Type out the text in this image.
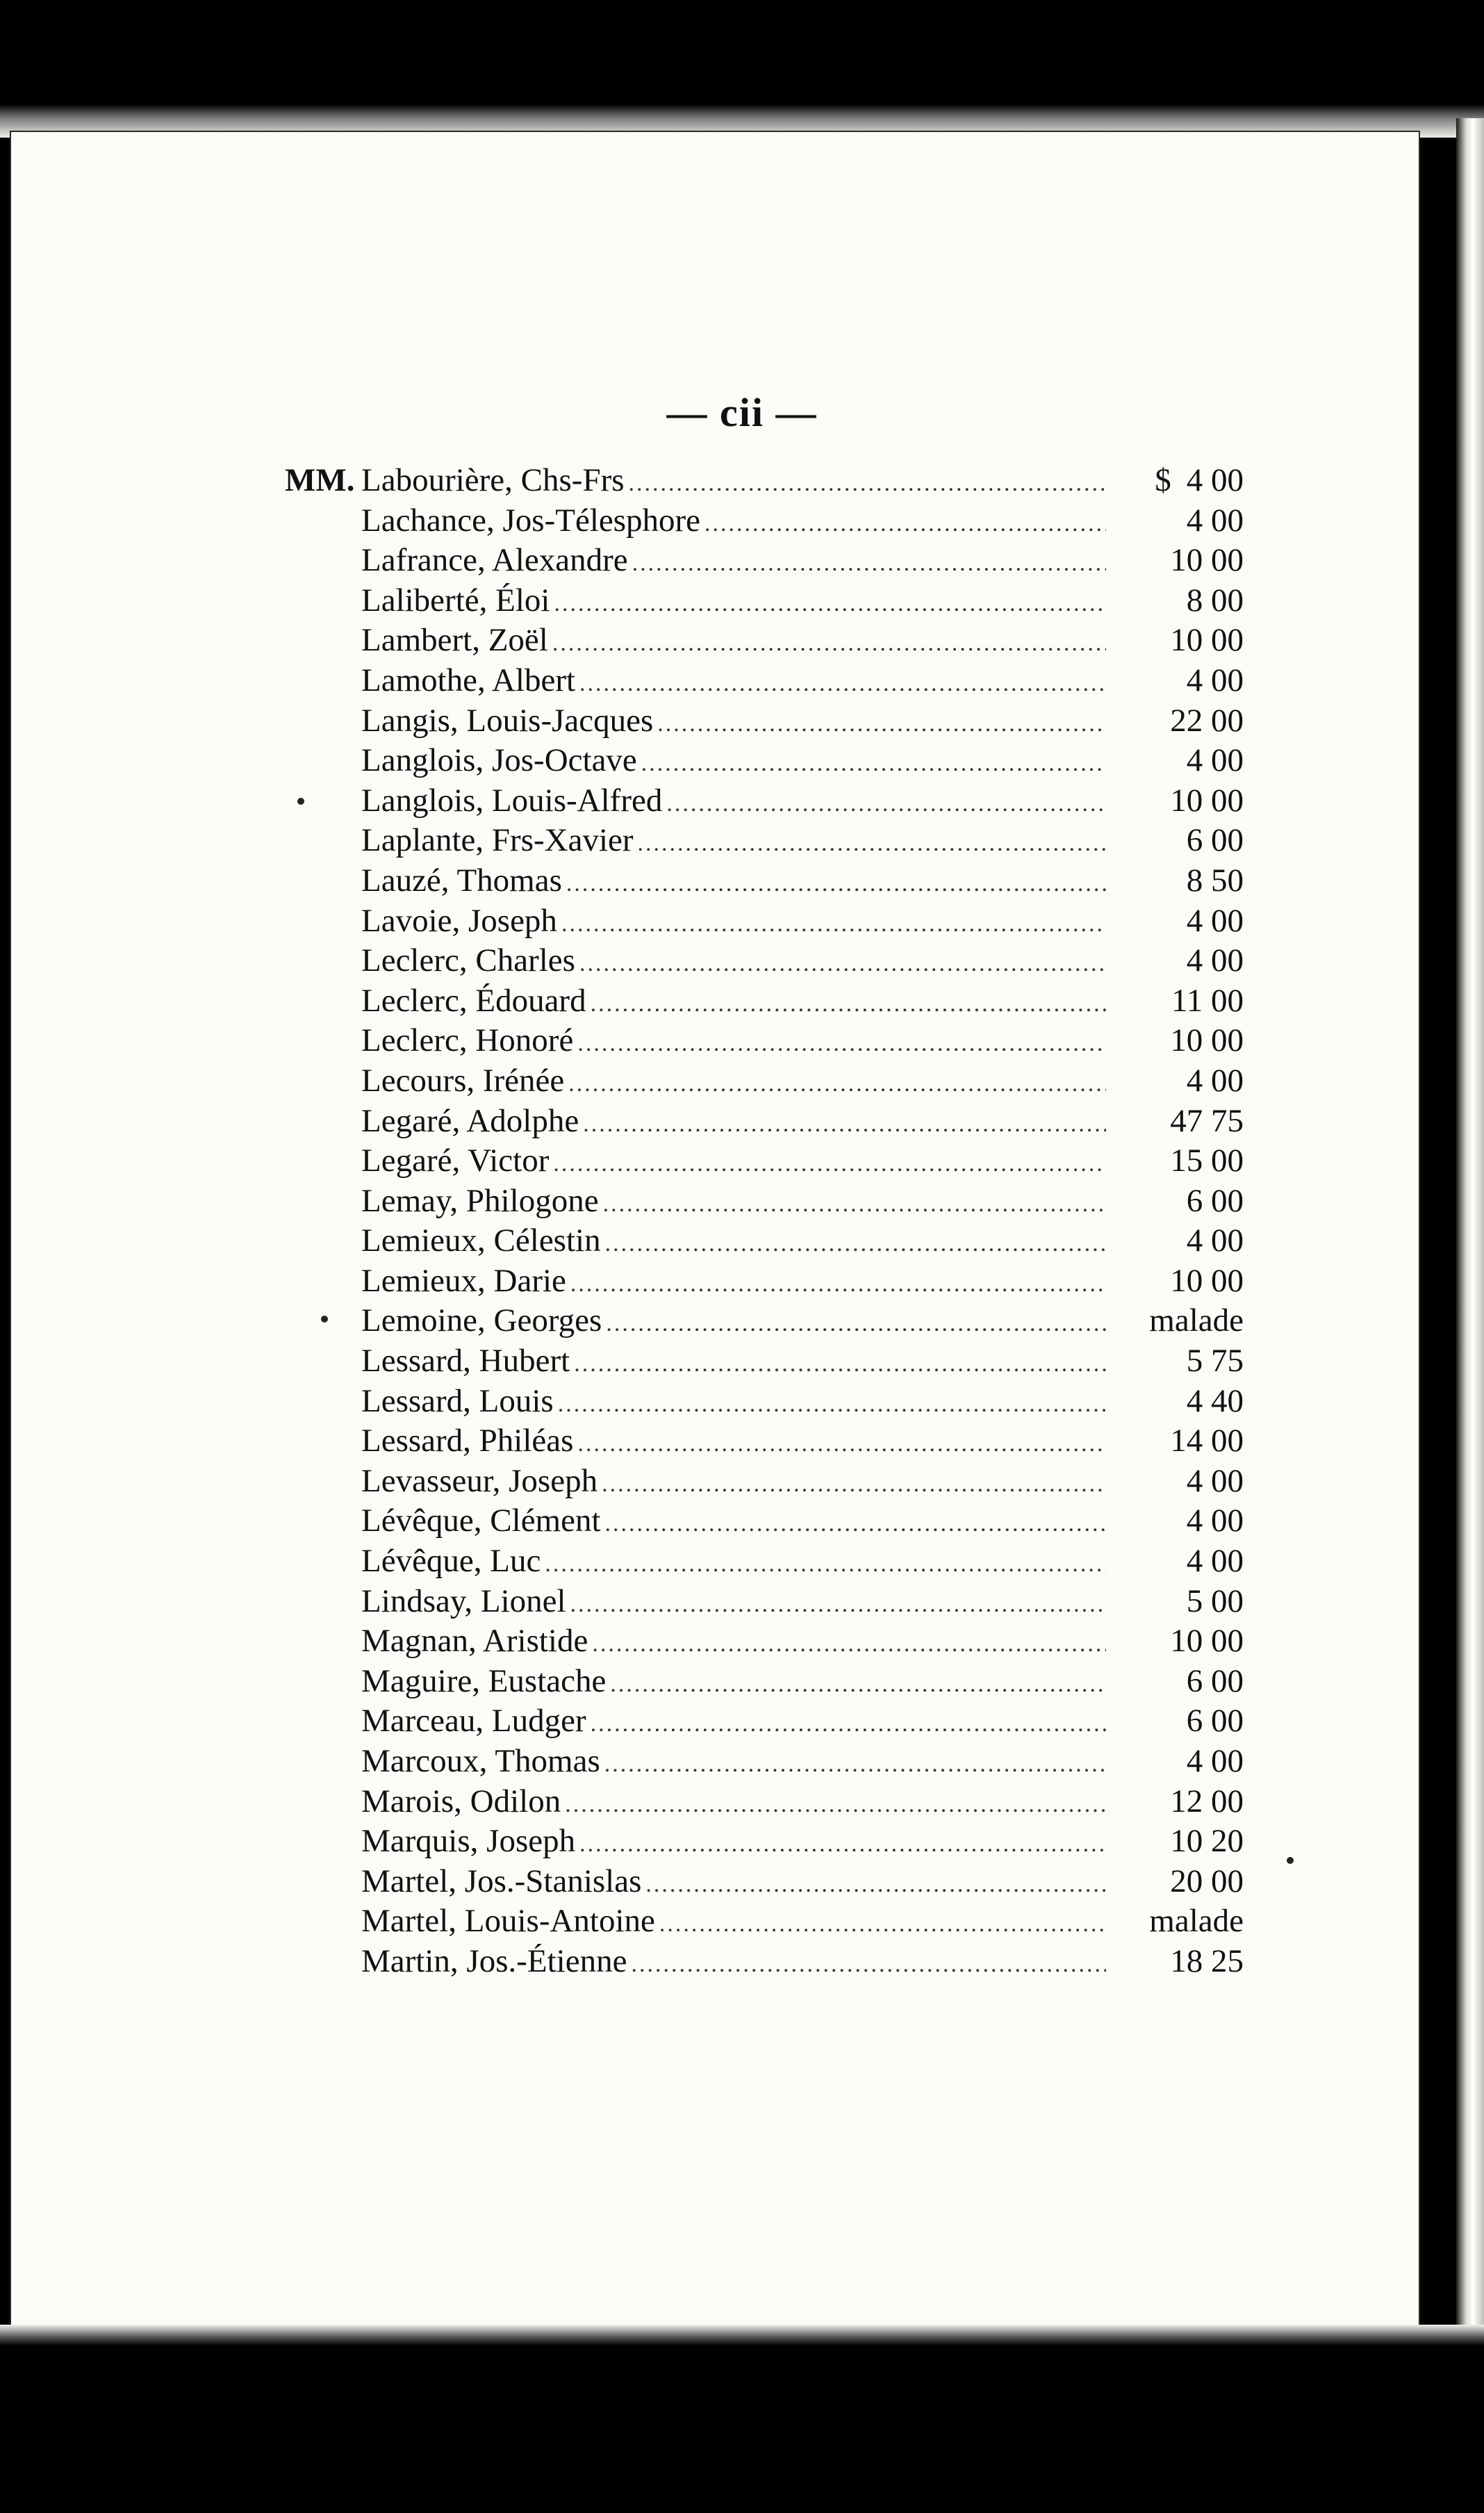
— cii —
MM. Labourière, Chs-Frs .....	$ 4 00
Lachance, Jos-Télesphore .....	4 00
Lafrance, Alexandre .....	10 00
Laliberté, Éloi .....	8 00
Lambert, Zoël .....	10 00
Lamothe, Albert .....	4 00
Langis, Louis-Jacques .....	22 00
Langlois, Jos-Octave .....	4 00
Langlois, Louis-Alfred .....	10 00
Laplante, Frs-Xavier .....	6 00
Lauzé, Thomas .....	8 50
Lavoie, Joseph .....	4 00
Leclerc, Charles .....	4 00
Leclerc, Édouard .....	11 00
Leclerc, Honoré .....	10 00
Lecours, Irénée .....	4 00
Legaré, Adolphe .....	47 75
Legaré, Victor .....	15 00
Lemay, Philogone .....	6 00
Lemieux, Célestin .....	4 00
Lemieux, Darie .....	10 00
Lemoine, Georges .....	malade
Lessard, Hubert .....	5 75
Lessard, Louis .....	4 40
Lessard, Philéas .....	14 00
Levasseur, Joseph .....	4 00
Lévêque, Clément .....	4 00
Lévêque, Luc .....	4 00
Lindsay, Lionel .....	5 00
Magnan, Aristide .....	10 00
Maguire, Eustache .....	6 00
Marceau, Ludger .....	6 00
Marcoux, Thomas .....	4 00
Marois, Odilon .....	12 00
Marquis, Joseph .....	10 20
Martel, Jos.-Stanislas .....	20 00
Martel, Louis-Antoine .....	malade
Martin, Jos.-Étienne .....	18 25
